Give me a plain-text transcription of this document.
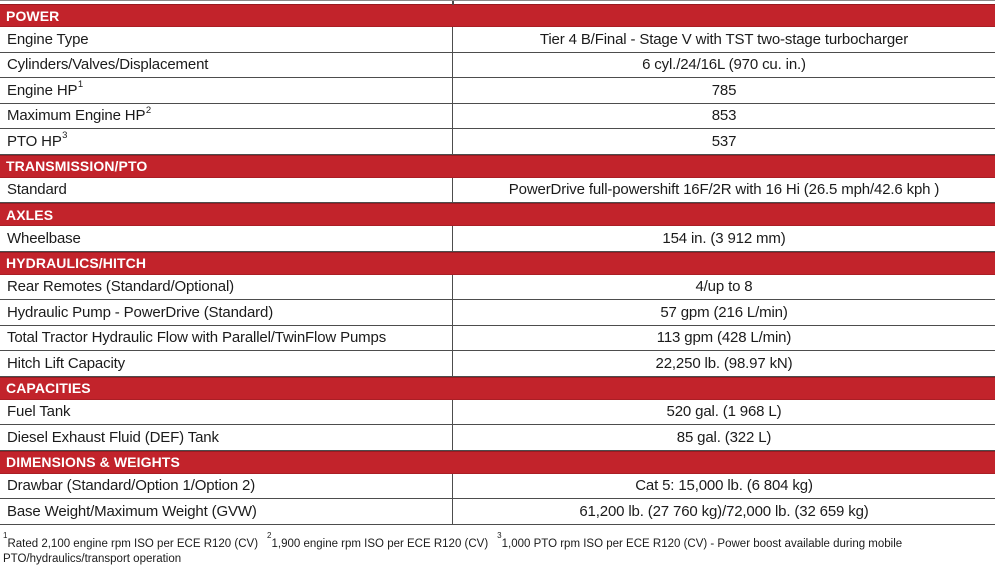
POWER
Engine Type	Tier 4 B/Final - Stage V with TST two-stage turbocharger
Cylinders/Valves/Displacement	6 cyl./24/16L (970 cu. in.)
Engine $HP^1$	785
Maximum Engine $HP^2$	853
PTO $HP^3$	537
TRANSMISSION/PTO
Standard	PowerDrive full-powershift 16F/2R with 16 Hi (26.5 mph/42.6 kph )
AXLES
Wheelbase	154 in. (3 912 mm)
HYDRAULICS/HITCH
Rear Remotes (Standard/Optional)	4/up to 8
Hydraulic Pump - PowerDrive (Standard)	57 gpm (216 L/min)
Total Tractor Hydraulic Flow with Parallel/TwinFlow Pumps	113 gpm (428 L/min)
Hitch Lift Capacity	22,250 lb. (98.97 kN)
CAPACITIES
Fuel Tank	520 gal. (1 968 L)
Diesel Exhaust Fluid (DEF) Tank	85 gal. (322 L)
DIMENSIONS & WEIGHTS
Drawbar (Standard/Option 1/Option 2)	Cat 5: 15,000 lb. (6 804 kg)
Base Weight/Maximum Weight (GVW)	61,200 lb. (27 760 kg)/72,000 lb. (32 659 kg)
$^1$Rated 2,100 engine rpm ISO per ECE R120 (CV)$^2$1,900 engine rpm ISO per ECE R120 (CV)$^3$1,000 PTO rpm ISO per ECE R120 (CV) - Power boost available during mobile
PTO/hydraulics/transport operation
